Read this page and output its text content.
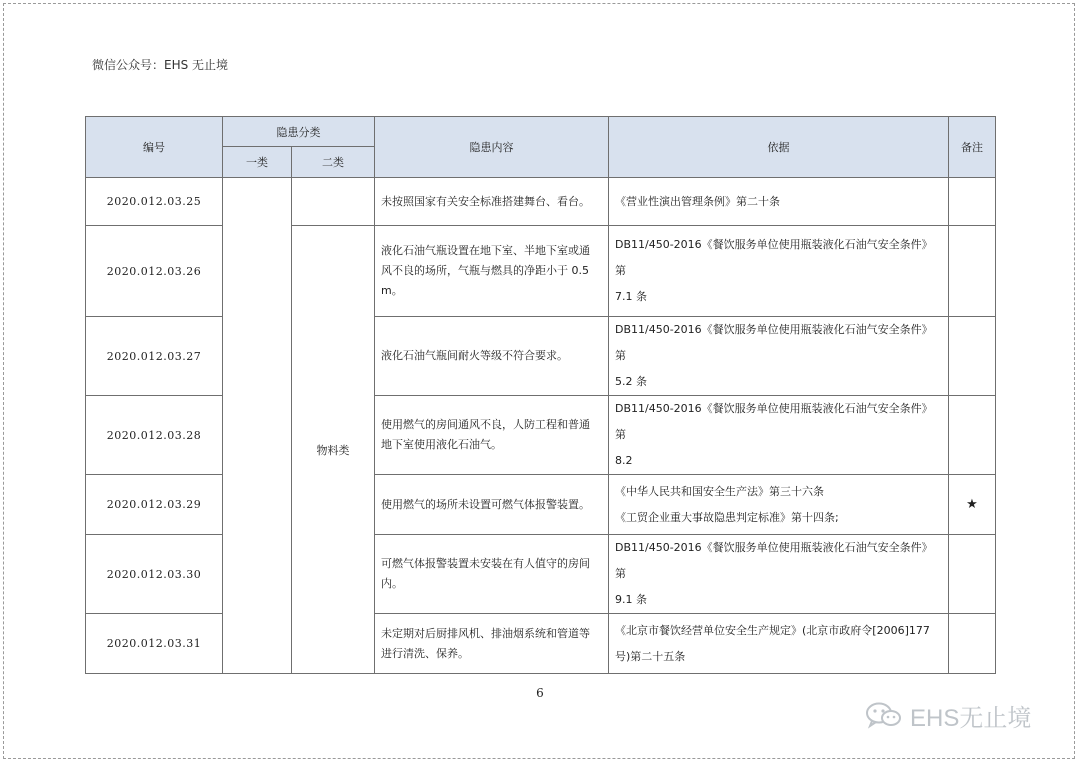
微信公众号：EHS 无止境
编号	隐患分类		隐患内容	依据	备注
	一类	二类			
2020.012.03.25			未按照国家有关安全标准搭建舞台、看台。	《营业性演出管理条例》第二十条	

2020.012.03.26		物料类	液化石油气瓶设置在地下室、半地下室或通
风不良的场所，气瓶与燃具的净距小于 0.5
m。	DB11/450-2016《餐饮服务单位使用瓶装液化石油气安全条件》第
7.1 条	

2020.012.03.27			液化石油气瓶间耐火等级不符合要求。	DB11/450-2016《餐饮服务单位使用瓶装液化石油气安全条件》第
5.2 条	

2020.012.03.28			使用燃气的房间通风不良，人防工程和普通
地下室使用液化石油气。	DB11/450-2016《餐饮服务单位使用瓶装液化石油气安全条件》第
8.2	

2020.012.03.29			使用燃气的场所未设置可燃气体报警装置。	《中华人民共和国安全生产法》第三十六条
《工贸企业重大事故隐患判定标准》第十四条;	★
2020.012.03.30			可燃气体报警装置未安装在有人值守的房间
内。	DB11/450-2016《餐饮服务单位使用瓶装液化石油气安全条件》第
9.1 条	

2020.012.03.31			未定期对后厨排风机、排油烟系统和管道等
进行清洗、保养。	《北京市餐饮经营单位安全生产规定》(北京市政府令[2006]177
号)第二十五条	

6
EHS无止境
